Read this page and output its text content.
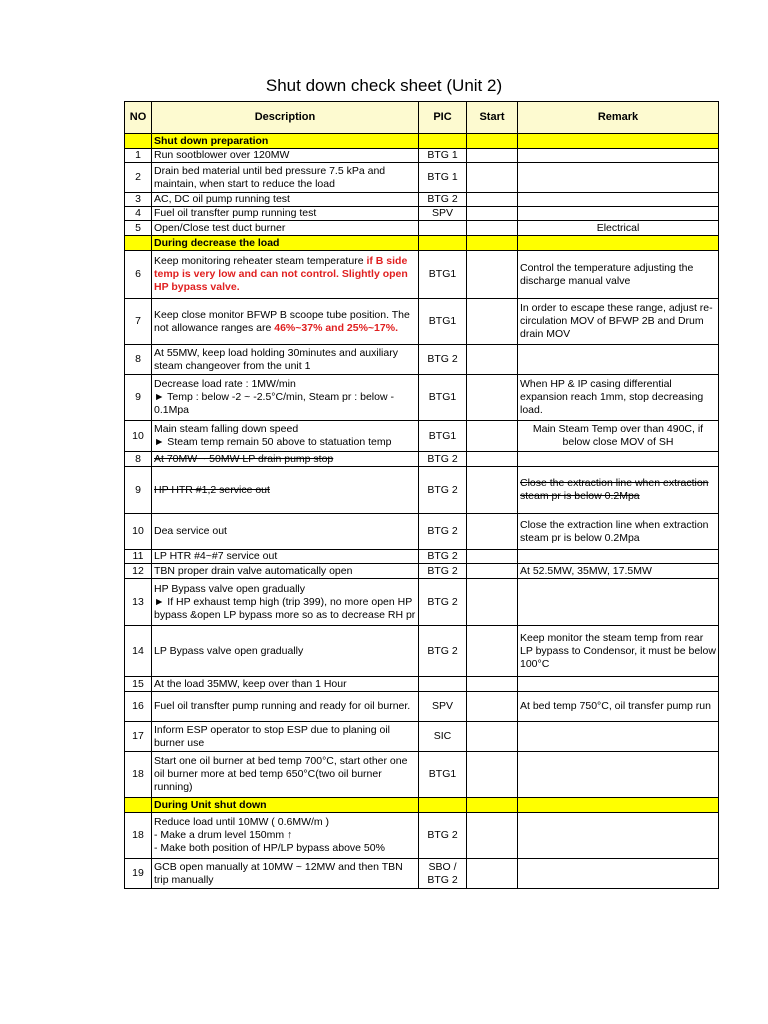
Shut down check sheet (Unit 2)
NO	Description	PIC	Start	Remark
	Shut down preparation			
1	Run sootblower over 120MW	BTG 1		
2	Drain bed material until bed pressure 7.5 kPa and maintain, when start to reduce the load	BTG 1		
3	AC, DC oil pump running test	BTG 2		
4	Fuel oil transfter pump running test	SPV		
5	Open/Close test duct burner			Electrical
	During decrease the load			
6	Keep monitoring reheater steam temperature if B side temp is very low and can not control. Slightly open HP bypass valve.	BTG1		Control the temperature adjusting the discharge manual valve
7	Keep close monitor BFWP B scoope tube position. The not allowance ranges are 46%~37% and 25%~17%.	BTG1		In order to escape these range, adjust re-circulation MOV of BFWP 2B and Drum drain MOV
8	At 55MW, keep load holding 30minutes and auxiliary steam changeover from the unit 1	BTG 2		
9	Decrease load rate : 1MW/min
► Temp : below -2 ~ -2.5°C/min, Steam pr : below - 0.1Mpa	BTG1		When HP & IP casing differential expansion reach 1mm, stop decreasing load.
10	Main steam falling down speed
► Steam temp remain 50 above to statuation temp	BTG1		Main Steam Temp over than 490C, if below close MOV of SH
8	At 70MW ~ 50MW LP drain pump stop	BTG 2		
9	HP HTR #1,2 service out	BTG 2		Close the extraction line when extraction steam pr is below 0.2Mpa
10	Dea service out	BTG 2		Close the extraction line when extraction steam pr is below 0.2Mpa
11	LP HTR #4~#7 service out	BTG 2		
12	TBN proper drain valve automatically open	BTG 2		At 52.5MW, 35MW, 17.5MW
13	HP Bypass valve open gradually
► If HP exhaust temp high (trip 399), no more open HP bypass &open LP bypass more so as to decrease RH pr	BTG 2		
14	LP Bypass valve open gradually	BTG 2		Keep monitor the steam temp from rear LP bypass to Condensor, it must be below 100°C
15	At the load 35MW, keep over than 1 Hour			
16	Fuel oil transfter pump running and ready for oil burner.	SPV		At bed temp 750°C, oil transfer pump run
17	Inform ESP operator to stop ESP due to planing oil burner use	SIC		
18	Start one oil burner at bed temp 700°C, start other one oil burner more at bed temp 650°C(two oil burner running)	BTG1		
	During Unit shut down			
18	Reduce load until 10MW ( 0.6MW/m )
- Make a drum level 150mm ↑
- Make both position of HP/LP bypass above 50%	BTG 2		
19	GCB open manually at 10MW ~ 12MW and then TBN trip manually	SBO /
BTG 2		
